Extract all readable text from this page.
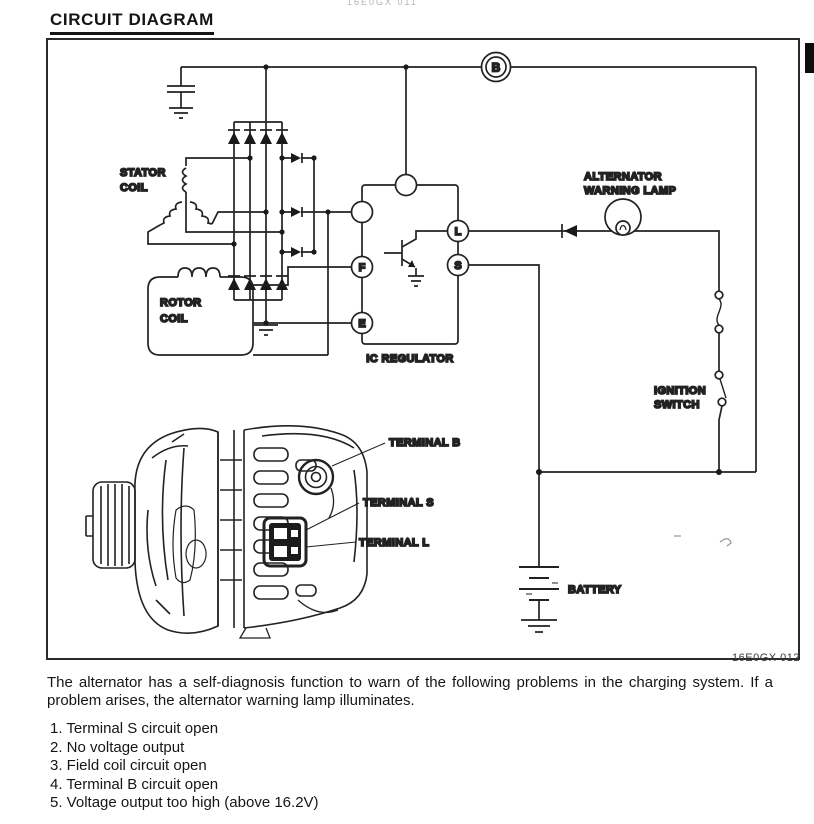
16E0GX 011
CIRCUIT DIAGRAM
STATOR
COIL
ROTOR
COIL
F
E
L
S
IC REGULATOR
B
ALTERNATOR
WARNING LAMP
IGNITION
SWITCH
BATTERY
TERMINAL B
TERMINAL S
TERMINAL L
16E0GX 012
The alternator has a self-diagnosis function to warn of the following problems in the charging system. If a problem arises, the alternator warning lamp illuminates.
1. Terminal S circuit open
2. No voltage output
3. Field coil circuit open
4. Terminal B circuit open
5. Voltage output too high (above 16.2V)
